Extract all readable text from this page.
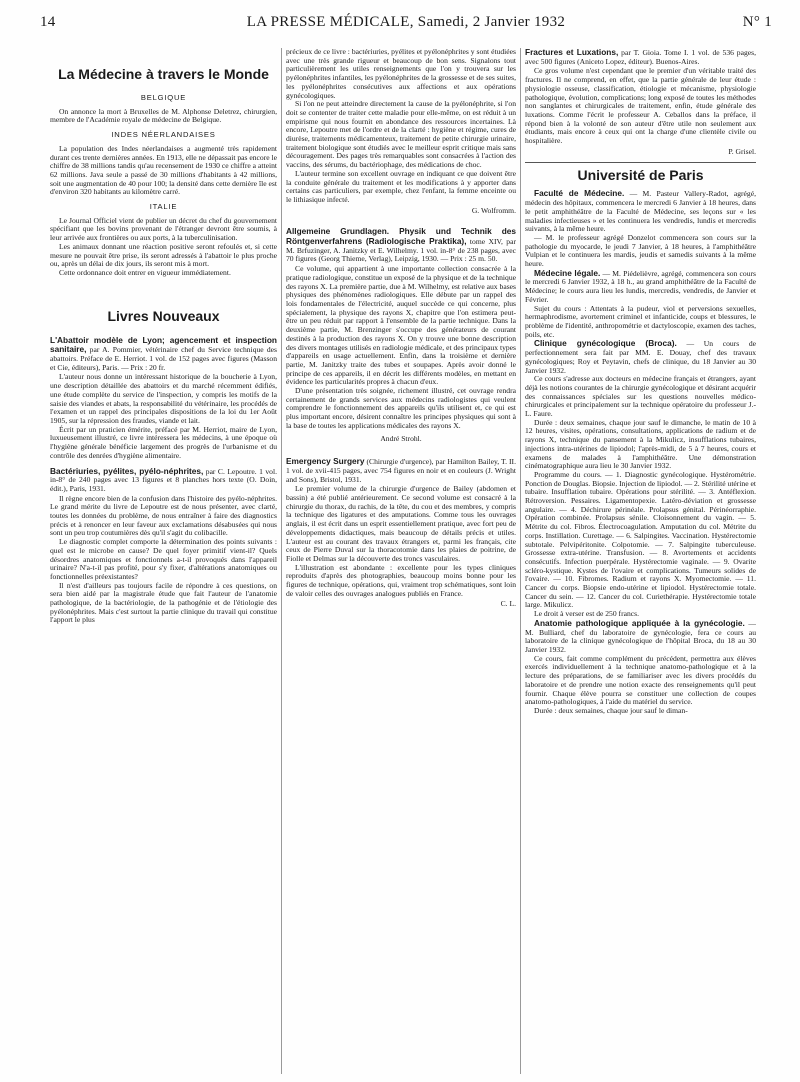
14	LA PRESSE MÉDICALE, Samedi, 2 Janvier 1932	N° 1
La Médecine à travers le Monde
BELGIQUE

On annonce la mort à Bruxelles de M. Alphonse Deletrez, chirurgien, membre de l'Académie royale de médecine de Belgique.

INDES NÉERLANDAISES

La population des Indes néerlandaises a augmenté très rapidement durant ces trente dernières années. En 1913, elle ne dépassait pas encore le chiffre de 38 millions tandis qu'au recensement de 1930 ce chiffre a atteint 62 millions. Java seule a passé de 30 millions d'habitants à 42 millions, soit une augmentation de 40 pour 100; la densité dans cette dernière île est d'environ 320 habitants au kilomètre carré.

ITALIE

Le Journal Officiel vient de publier un décret du chef du gouvernement spécifiant que les bovins provenant de l'étranger devront être soumis, à leur arrivée aux frontières ou aux ports, à la tuberculinisation.

Les animaux donnant une réaction positive seront refoulés et, si cette mesure ne pouvait être prise, ils seront adressés à l'abattoir le plus proche ou, après un délai de dix jours, ils seront mis à mort.

Cette ordonnance doit entrer en vigueur immédiatement.

Livres Nouveaux

L'Abattoir modèle de Lyon; agencement et inspection sanitaire, par A. Pommier, vétérinaire chef du Service technique des abattoirs. Préface de E. Herriot. 1 vol. de 152 pages avec figures (Masson et Cie, éditeurs), Paris. — Prix : 20 fr.

L'auteur nous donne un intéressant historique de la boucherie à Lyon, une description détaillée des abattoirs et du marché récemment édifiés, une étude complète du service de l'inspection, y compris les motifs de la saisie des viandes et abats, la responsabilité du vétérinaire, les procédés de l'examen et un rappel des principales dispositions de la loi du 1er Août 1905, sur la répression des fraudes, viande et lait.

Écrit par un praticien émérite, préfacé par M. Herriot, maire de Lyon, luxueusement illustré, ce livre intéressera les médecins, à une époque où l'hygiène générale bénéficie largement des progrès de l'urbanisme et du contrôle des denrées d'hygiène alimentaire.

Bactériuries, pyélites, pyélo-néphrites, par C. Lepoutre. 1 vol. in-8° de 240 pages avec 13 figures et 8 planches hors texte (O. Doin, édit.), Paris, 1931.

Il règne encore bien de la confusion dans l'histoire des pyélo-néphrites. Le grand mérite du livre de Lepoutre est de nous présenter, avec clarté, toutes les données du problème, de nous entraîner à faire des diagnostics précis et à renoncer en leur faveur aux exclamations désabusées qui nous sont un peu trop coutumières dès qu'il s'agit du colibacille.

Le diagnostic complet comporte la détermination des points suivants : quel est le microbe en cause? De quel foyer primitif vient-il? Quels désordres anatomiques et fonctionnels a-t-il provoqués dans l'appareil urinaire? N'a-t-il pas profité, pour s'y fixer, d'altérations anatomiques ou fonctionnelles préexistantes?

Il n'est d'ailleurs pas toujours facile de répondre à ces questions, on sera bien aidé par la magistrale étude que fait l'auteur de l'anatomie pathologique, de la bactériologie, de la pathogénie et de l'étiologie des pyélonéphrites. Mais c'est surtout la partie clinique du travail qui constitue l'apport le plus

précieux de ce livre : bactériuries, pyélites et pyélonéphrites y sont étudiées avec une très grande rigueur et beaucoup de bon sens. Signalons tout particulièrement les utiles renseignements que l'on y trouvera sur les pyélonéphrites infantiles, les pyélonéphrites de la grossesse et de ses suites, les pyélonéphrites consécutives aux affections et aux opérations gynécologiques.

Si l'on ne peut atteindre directement la cause de la pyélonéphrite, si l'on doit se contenter de traiter cette maladie pour elle-même, on est réduit à un empirisme qui nous fournit en abondance des ressources incertaines. Là encore, Lepoutre met de l'ordre et de la clarté : hygiène et régime, cures de diurèse, traitements médicamenteux, traitement de petite chirurgie urinaire, traitement biologique sont étudiés avec le meilleur esprit critique mais sans découragement. Des pages très remarquables sont consacrées à l'action des vaccins, des sérums, du bactériophage, des médications de choc.

L'auteur termine son excellent ouvrage en indiquant ce que doivent être la conduite générale du traitement et les modifications à y apporter dans certains cas particuliers, par exemple, chez l'enfant, la femme enceinte ou le lithiasique infecté.

G. Wolfromm.

Allgemeine Grundlagen. Physik und Technik des Röntgenverfahrens (Radiologische Praktika), tome XIV, par M. Brfuzinger, A. Janitzky et E. Wilhelmy. 1 vol. in-8° de 238 pages, avec 70 figures (Georg Thieme, Verlag), Leipzig, 1930. — Prix : 25 m. 50.

Ce volume, qui appartient à une importante collection consacrée à la pratique radiologique, constitue un exposé de la physique et de la technique des rayons X. La première partie, due à M. Wilhelmy, est relative aux bases physiques des phénomènes radiologiques. Elle débute par un rappel des lois fondamentales de l'électricité, auquel succède ce qui concerne, plus spécialement, la physique des rayons X, chapitre que l'on estimera peut-être un peu réduit par rapport à l'ensemble de la partie technique. Dans la deuxième partie, M. Brenzinger s'occupe des générateurs de courant destinés à la production des rayons X. On y trouve une bonne description des divers montages utilisés en radiologie médicale, et des principaux types d'appareils en usage actuellement. Enfin, dans la troisième et dernière partie, M. Janitzky traite des tubes et soupapes. Après avoir donné le principe de ces appareils, il en décrit les différents modèles, en mettant en évidence les particularités propres à chacun d'eux.

D'une présentation très soignée, richement illustré, cet ouvrage rendra certainement de grands services aux médecins radiologistes qui veulent comprendre le fonctionnement des appareils qu'ils utilisent et, ce qui est plus important encore, désirent connaître les principes physiques qui sont à la base de toutes les applications médicales des rayons X.

André Strohl.

Emergency Surgery (Chirurgie d'urgence), par Hamilton Bailey, T. II. 1 vol. de xvii-415 pages, avec 754 figures en noir et en couleurs (J. Wright and Sons), Bristol, 1931.

Le premier volume de la chirurgie d'urgence de Bailey (abdomen et bassin) a été publié antérieurement. Ce second volume est consacré à la chirurgie du thorax, du rachis, de la tête, du cou et des membres, y compris la technique des ligatures et des amputations. Comme tous les ouvrages anglais, il est écrit dans un esprit essentiellement pratique, avec fort peu de développements didactiques, mais beaucoup de détails précis et utiles. L'auteur est au courant des travaux étrangers et, parmi les français, cite ceux de Pierre Duval sur la thoracotomie dans les plaies de poitrine, de Fiolle et Delmas sur la découverte des troncs vasculaires.

L'illustration est abondante : excellente pour les types cliniques reproduits d'après des photographies, beaucoup moins bonne pour les figures de technique, opérations, qui, vraiment trop schématiques, sont loin de valoir celles des ouvrages analogues publiés en France.

C. L.

Fractures et Luxations, par T. Gioia. Tome I. 1 vol. de 536 pages, avec 500 figures (Aniceto Lopez, éditeur). Buenos-Aires.

Ce gros volume n'est cependant que le premier d'un véritable traité des fractures. Il ne comprend, en effet, que la partie générale de leur étude : physiologie osseuse, classification, étiologie et mécanisme, physiologie pathologique, évolution, complications; long exposé de toutes les méthodes non sanglantes et chirurgicales de traitement, enfin, étude générale des luxations. Comme l'écrit le professeur A. Ceballos dans la préface, il répond bien à la volonté de son auteur d'être utile non seulement aux étudiants, mais encore à ceux qui ont la charge d'une clientèle civile ou hospitalière.

P. Grisel.

Université de Paris

Faculté de Médecine. — M. Pasteur Vallery-Radot, agrégé, médecin des hôpitaux, commencera le mercredi 6 Janvier à 18 heures, dans le petit amphithéâtre de la Faculté de Médecine, ses leçons sur « les maladies infectieuses » et les continuera les vendredis, lundis et mercredis suivants, à la même heure.

— M. le professeur agrégé Donzelot commencera son cours sur la pathologie du myocarde, le jeudi 7 Janvier, à 18 heures, à l'amphithéâtre Vulpian et le continuera les mardis, jeudis et samedis suivants à la même heure.

Médecine légale. — M. Piédelièvre, agrégé, commencera son cours le mercredi 6 Janvier 1932, à 18 h., au grand amphithéâtre de la Faculté de Médecine; le cours aura lieu les lundis, mercredis, vendredis, de Janvier et Février.

Sujet du cours : Attentats à la pudeur, viol et perversions sexuelles, hermaphrodisme, avortement criminel et infanticide, coups et blessures, le problème de l'identité, anthropométrie et dactyloscopie, examen des taches, poils, etc.

Clinique gynécologique (Broca). — Un cours de perfectionnement sera fait par MM. E. Douay, chef des travaux gynécologiques; Roy et Peytavin, chefs de clinique, du 18 Janvier au 30 Janvier 1932.

Ce cours s'adresse aux docteurs en médecine français et étrangers, ayant déjà les notions courantes de la chirurgie gynécologique et désirant acquérir des connaissances spéciales sur les questions nouvelles médico-chirurgicales et principalement sur la technique opératoire du professeur J.-L. Faure.

Durée : deux semaines, chaque jour sauf le dimanche, le matin de 10 à 12 heures, visites, opérations, consultations, applications de radium et de rayons X, technique du pansement à la Mikulicz, insufflations tubaires, injections intra-utérines de lipiodol; l'après-midi, de 5 à 7 heures, cours et examens de malades à l'amphithéâtre. Une démonstration cinématographique aura lieu le 30 Janvier 1932.

Programme du cours. — 1. Diagnostic gynécologique. Hystérométrie. Ponction de Douglas. Biopsie. Injection de lipiodol. — 2. Stérilité utérine et tubaire. Insufflation tubaire. Opérations pour stérilité. — 3. Antéflexion. Rétroversion. Pessaires. Ligamentopexie. Latéro-déviation et grossesse angulaire. — 4. Déchirure périnéale. Prolapsus génital. Périnéorraphie. Opération combinée. Prolapsus sénile. Cloisonnement du vagin. — 5. Métrite du col. Fibros. Électrocoagulation. Amputation du col. Métrite du corps. Instillation. Curettage. — 6. Salpingites. Vaccination. Hystérectomie subtotale. Pelvipéritonite. Colpotomie. — 7. Salpingite tuberculeuse. Grossesse extra-utérine. Transfusion. — 8. Avortements et accidents consécutifs. Infection puerpérale. Hystérectomie vaginale. — 9. Ovarite scléro-kystique. Kystes de l'ovaire et complications. Tumeurs solides de l'ovaire. — 10. Fibromes. Radium et rayons X. Myomectomie. — 11. Cancer du corps. Biopsie endo-utérine et lipiodol. Hystérectomie totale. Cancer du sein. — 12. Cancer du col. Curiethérapie. Hystérectomie totale large. Mikulicz.

Le droit à verser est de 250 francs.

Anatomie pathologique appliquée à la gynécologie. — M. Bulliard, chef du laboratoire de gynécologie, fera ce cours au laboratoire de la clinique gynécologique de l'hôpital Broca, du 18 au 30 Janvier 1932.

Ce cours, fait comme complément du précédent, permettra aux élèves exercés individuellement à la technique anatomo-pathologique et à la lecture des préparations, de se familiariser avec les divers procédés du laboratoire et de prendre une notion exacte des renseignements qu'il peut fournir. Chaque élève pourra se constituer une collection de coupes anatomo-pathologiques, à l'aide du matériel du service.

Durée : deux semaines, chaque jour sauf le diman-
